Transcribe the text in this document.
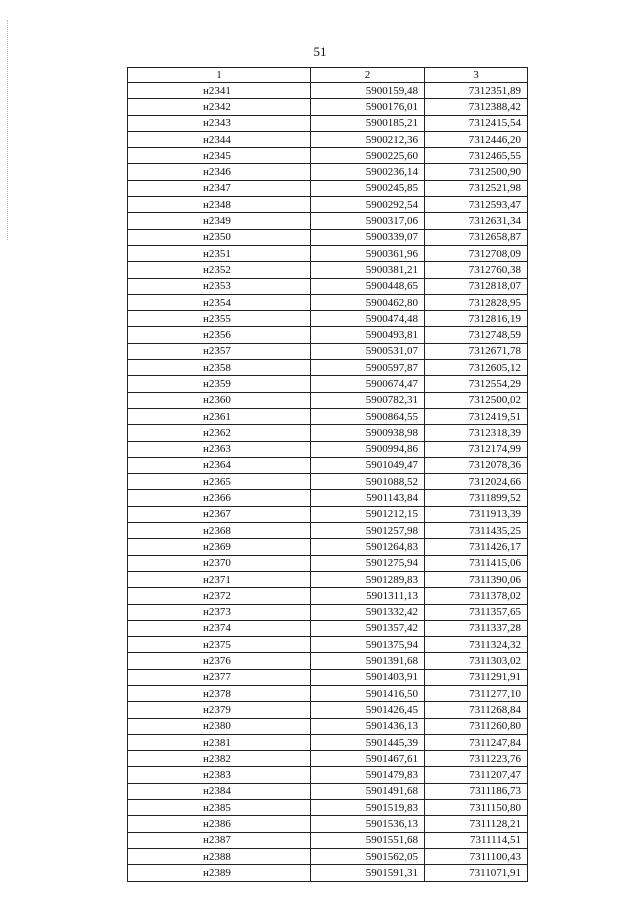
51
1	2	3
н2341	5900159,48	7312351,89
н2342	5900176,01	7312388,42
н2343	5900185,21	7312415,54
н2344	5900212,36	7312446,20
н2345	5900225,60	7312465,55
н2346	5900236,14	7312500,90
н2347	5900245,85	7312521,98
н2348	5900292,54	7312593,47
н2349	5900317,06	7312631,34
н2350	5900339,07	7312658,87
н2351	5900361,96	7312708,09
н2352	5900381,21	7312760,38
н2353	5900448,65	7312818,07
н2354	5900462,80	7312828,95
н2355	5900474,48	7312816,19
н2356	5900493,81	7312748,59
н2357	5900531,07	7312671,78
н2358	5900597,87	7312605,12
н2359	5900674,47	7312554,29
н2360	5900782,31	7312500,02
н2361	5900864,55	7312419,51
н2362	5900938,98	7312318,39
н2363	5900994,86	7312174,99
н2364	5901049,47	7312078,36
н2365	5901088,52	7312024,66
н2366	5901143,84	7311899,52
н2367	5901212,15	7311913,39
н2368	5901257,98	7311435,25
н2369	5901264,83	7311426,17
н2370	5901275,94	7311415,06
н2371	5901289,83	7311390,06
н2372	5901311,13	7311378,02
н2373	5901332,42	7311357,65
н2374	5901357,42	7311337,28
н2375	5901375,94	7311324,32
н2376	5901391,68	7311303,02
н2377	5901403,91	7311291,91
н2378	5901416,50	7311277,10
н2379	5901426,45	7311268,84
н2380	5901436,13	7311260,80
н2381	5901445,39	7311247,84
н2382	5901467,61	7311223,76
н2383	5901479,83	7311207,47
н2384	5901491,68	7311186,73
н2385	5901519,83	7311150,80
н2386	5901536,13	7311128,21
н2387	5901551,68	7311114,51
н2388	5901562,05	7311100,43
н2389	5901591,31	7311071,91
